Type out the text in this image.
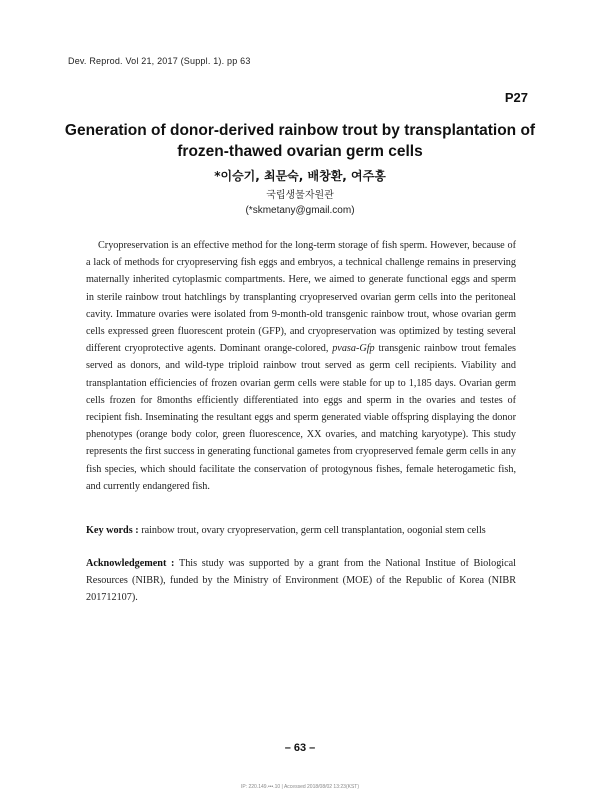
Dev. Reprod. Vol 21, 2017 (Suppl. 1). pp 63
P27
Generation of donor-derived rainbow trout by transplantation of
frozen-thawed ovarian germ cells
*이승기, 최문숙, 배창환, 여주홍
국립생물자원관
(*skmetany@gmail.com)

Cryopreservation is an effective method for the long-term storage of fish sperm. However, because of a lack of methods for cryopreserving fish eggs and embryos, a technical challenge remains in preserving maternally inherited cytoplasmic compartments. Here, we aimed to generate functional eggs and sperm in sterile rainbow trout hatchlings by transplanting cryopreserved ovarian germ cells into the peritoneal cavity. Immature ovaries were isolated from 9-month-old transgenic rainbow trout, whose ovarian germ cells expressed green fluorescent protein (GFP), and cryopreservation was optimized by testing several different cryoprotective agents. Dominant orange-colored, pvasa-Gfp transgenic rainbow trout females served as donors, and wild-type triploid rainbow trout served as germ cell recipients. Viability and transplantation efficiencies of frozen ovarian germ cells were stable for up to 1,185 days. Ovarian germ cells frozen for 8months efficiently differentiated into eggs and sperm in the ovaries and testes of recipient fish. Inseminating the resultant eggs and sperm generated viable offspring displaying the donor phenotypes (orange body color, green fluorescence, XX ovaries, and matching karyotype). This study represents the first success in generating functional gametes from cryopreserved female germ cells in any fish species, which should facilitate the conservation of protogynous fishes, female heterogametic fish, and currently endangered fish.

Key words : rainbow trout, ovary cryopreservation, germ cell transplantation, oogonial stem cells

Acknowledgement : This study was supported by a grant from the National Institue of Biological Resources (NIBR), funded by the Ministry of Environment (MOE) of the Republic of Korea (NIBR 201712107).

– 63 –
IP: 220.149.•••.10 | Accessed 2018/08/02 13:23(KST)
